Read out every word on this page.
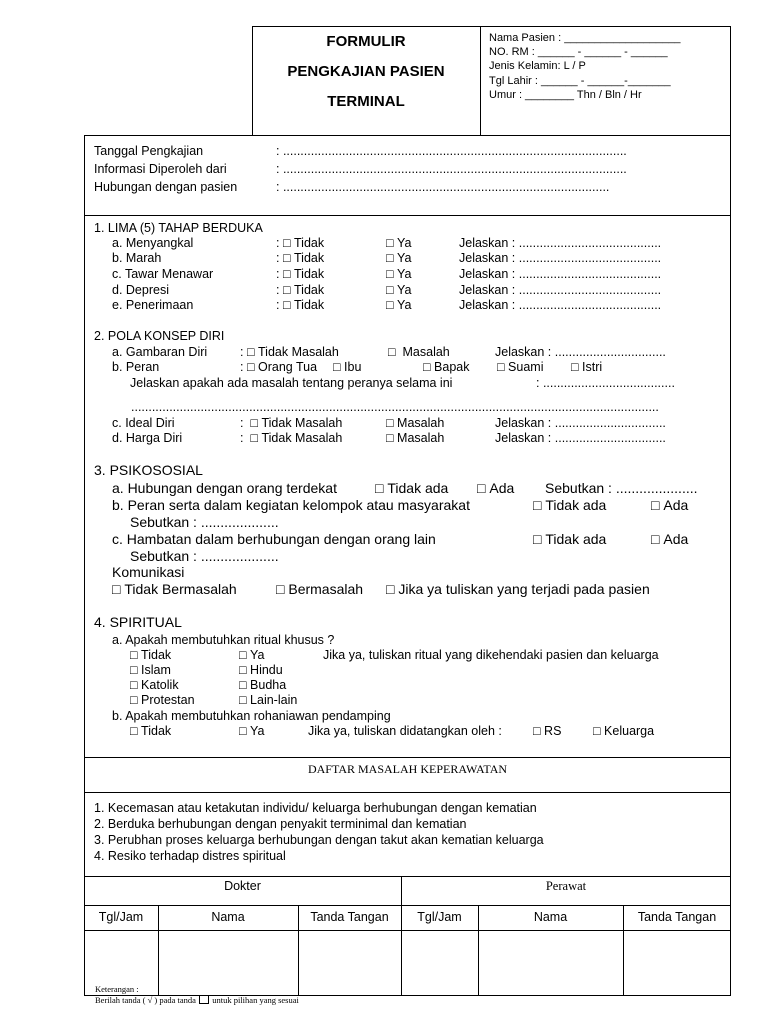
FORMULIR
PENGKAJIAN PASIEN
TERMINAL
Nama Pasien : ___________________
NO. RM : ______ - ______ - ______
Jenis Kelamin: L / P
Tgl Lahir : ______ - ______-_______
Umur : ________ Thn / Bln / Hr
Tanggal Pengkajian	: ...................................................................................................
Informasi Diperoleh dari	: ...................................................................................................
Hubungan dengan pasien	: ..............................................................................................
1. LIMA (5) TAHAP BERDUKA
a. Menyangkal	: □  Tidak □	Ya	Jelaskan : .........................................
b. Marah	: □  Tidak □	Ya	Jelaskan : .........................................
c. Tawar Menawar	: □  Tidak □	Ya	Jelaskan : .........................................
d. Depresi	: □  Tidak □	Ya	Jelaskan : .........................................
e. Penerimaan	: □  Tidak □	Ya	Jelaskan : .........................................
2. POLA KONSEP DIRI
a. Gambaran Diri	: □  Tidak Masalah □	Masalah	Jelaskan : ................................
b. Peran	: □  Orang Tua □	Ibu □	Bapak □	Suami □	Istri
Jelaskan apakah ada masalah tentang peranya selama ini	: ......................................
........................................................................................................................................................
c. Ideal Diri	:  □  Tidak Masalah □	Masalah	Jelaskan : ................................
d. Harga Diri	:  □  Tidak Masalah □	Masalah	Jelaskan : ................................
3. PSIKOSOSIAL
a. Hubungan dengan orang terdekat □	Tidak ada □	Ada Sebutkan : .....................
b. Peran serta dalam kegiatan kelompok atau masyarakat □	Tidak ada □	Ada
Sebutkan : ....................
c. Hambatan dalam berhubungan dengan orang lain □	Tidak ada □	Ada
Sebutkan : ....................
Komunikasi
□  Tidak Bermasalah □	Bermasalah □	Jika ya tuliskan yang terjadi pada pasien
4. SPIRITUAL
a. Apakah membutuhkan ritual khusus ?
□  Tidak □	Ya	Jika ya, tuliskan ritual yang dikehendaki pasien dan keluarga
□  Islam □	Hindu
□  Katolik □	Budha
□  Protestan □	Lain-lain
b. Apakah membutuhkan rohaniawan pendamping
□  Tidak □	Ya	Jika ya, tuliskan didatangkan oleh : □	RS □	Keluarga
DAFTAR MASALAH KEPERAWATAN
1. Kecemasan atau ketakutan individu/ keluarga berhubungan dengan kematian
2. Berduka berhubungan dengan penyakit terminimal dan kematian
3. Perubhan proses keluarga berhubungan dengan takut akan kematian keluarga
4. Resiko terhadap distres spiritual
Dokter	Perawat
Tgl/Jam	Nama	Tanda Tangan	Tgl/Jam	Nama	Tanda Tangan
Keterangan :
Berilah tanda ( √ ) pada tanda untuk pilihan yang sesuai
